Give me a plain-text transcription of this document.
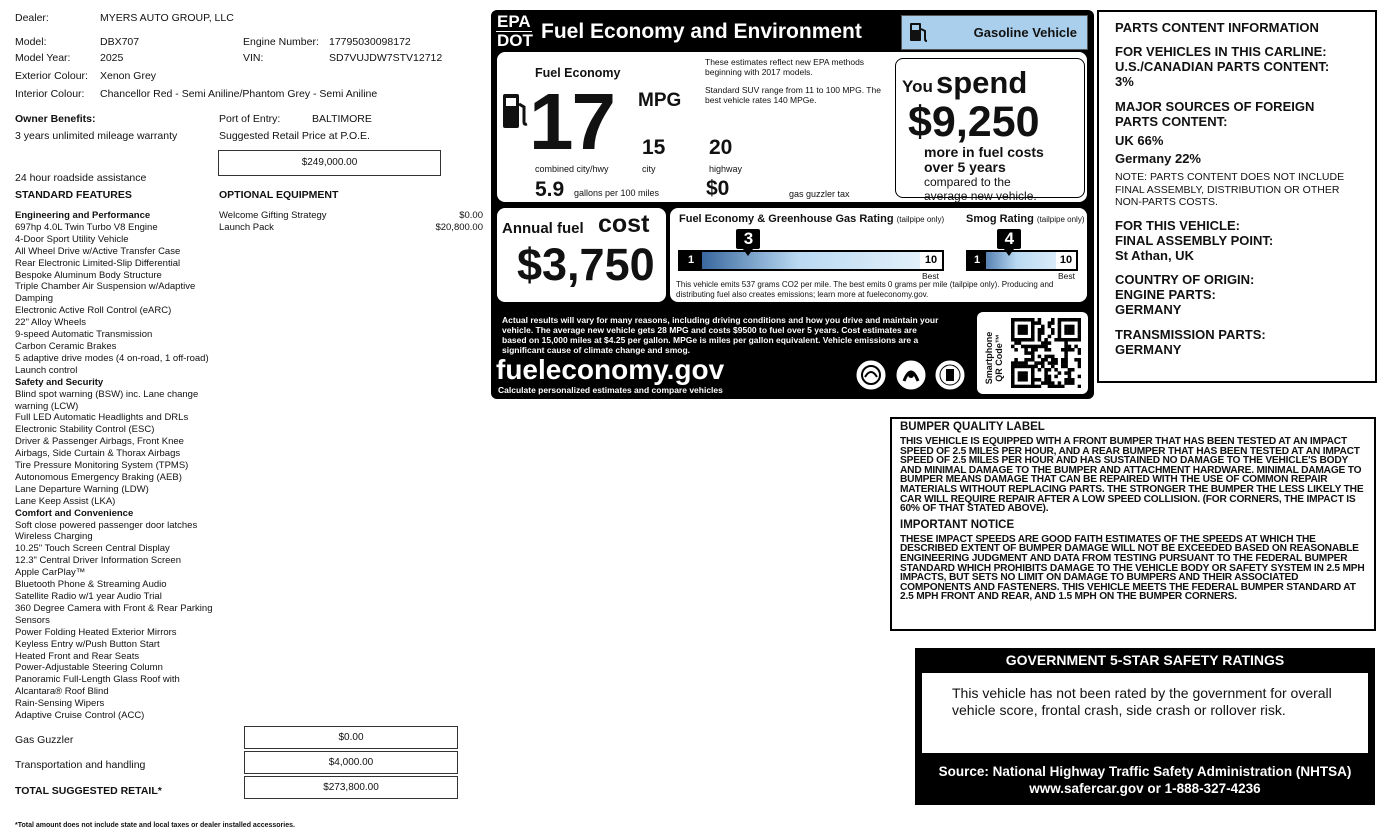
Dealer:	MYERS AUTO GROUP, LLC
Model:	DBX707	Engine Number: 17795030098172
Model Year:	2025	VIN:	SD7VUJDW7STV12712
Exterior Colour: Xenon Grey
Interior Colour: Chancellor Red - Semi Aniline/Phantom Grey - Semi Aniline
Owner Benefits:
3 years unlimited mileage warranty
24 hour roadside assistance
Port of Entry:	BALTIMORE
Suggested Retail Price at P.O.E.
$249,000.00
STANDARD FEATURES
Engineering and Performance
697hp 4.0L Twin Turbo V8 Engine
4-Door Sport Utility Vehicle
All Wheel Drive w/Active Transfer Case
Rear Electronic Limited-Slip Differential
Bespoke Aluminum Body Structure
Triple Chamber Air Suspension w/Adaptive
Damping
Electronic Active Roll Control (eARC)
22" Alloy Wheels
9-speed Automatic Transmission
Carbon Ceramic Brakes
5 adaptive drive modes (4 on-road, 1 off-road)
Launch control
Safety and Security
Blind spot warning (BSW) inc. Lane change
warning (LCW)
Full LED Automatic Headlights and DRLs
Electronic Stability Control (ESC)
Driver & Passenger Airbags, Front Knee
Airbags, Side Curtain & Thorax Airbags
Tire Pressure Monitoring System (TPMS)
Autonomous Emergency Braking (AEB)
Lane Departure Warning (LDW)
Lane Keep Assist (LKA)
Comfort and Convenience
Soft close powered passenger door latches
Wireless Charging
10.25" Touch Screen Central Display
12.3" Central Driver Information Screen
Apple CarPlay™
Bluetooth Phone & Streaming Audio
Satellite Radio w/1 year Audio Trial
360 Degree Camera with Front & Rear Parking
Sensors
Power Folding Heated Exterior Mirrors
Keyless Entry w/Push Button Start
Heated Front and Rear Seats
Power-Adjustable Steering Column
Panoramic Full-Length Glass Roof with
Alcantara® Roof Blind
Rain-Sensing Wipers
Adaptive Cruise Control (ACC)
OPTIONAL EQUIPMENT
Welcome Gifting Strategy	$0.00
Launch Pack	$20,800.00
Gas Guzzler	$0.00
Transportation and handling	$4,000.00
TOTAL SUGGESTED RETAIL*	$273,800.00
*Total amount does not include state and local taxes or dealer installed accessories.
EPA
DOT Fuel Economy and Environment	Gasoline Vehicle
Fuel Economy
17 MPG
combined city/hwy
15
city
20
highway
5.9 gallons per 100 miles $0	gas guzzler tax
These estimates reflect new EPA methods beginning with 2017 models.
Standard SUV range from 11 to 100 MPG. The best vehicle rates 140 MPGe.
You spend
$9,250
more in fuel costs
over 5 years
compared to the
average new vehicle.
Annual fuel cost
$3,750
Fuel Economy & Greenhouse Gas Rating (tailpipe only)
1	10
3
Best
Smog Rating (tailpipe only)
1	10
4
Best
This vehicle emits 537 grams CO2 per mile. The best emits 0 grams per mile (tailpipe only). Producing and distributing fuel also creates emissions; learn more at fueleconomy.gov.
Actual results will vary for many reasons, including driving conditions and how you drive and maintain your vehicle. The average new vehicle gets 28 MPG and costs $9500 to fuel over 5 years. Cost estimates are based on 15,000 miles at $4.25 per gallon. MPGe is miles per gallon equivalent. Vehicle emissions are a significant cause of climate change and smog.
fueleconomy.gov
Calculate personalized estimates and compare vehicles
Smartphone
QR Code™
PARTS CONTENT INFORMATION
FOR VEHICLES IN THIS CARLINE:
U.S./CANADIAN PARTS CONTENT:
3%
MAJOR SOURCES OF FOREIGN
PARTS CONTENT:
UK 66%
Germany 22%
NOTE: PARTS CONTENT DOES NOT INCLUDE FINAL ASSEMBLY, DISTRIBUTION OR OTHER NON-PARTS COSTS.
FOR THIS VEHICLE:
FINAL ASSEMBLY POINT:
St Athan, UK
COUNTRY OF ORIGIN:
ENGINE PARTS:
GERMANY
TRANSMISSION PARTS:
GERMANY
BUMPER QUALITY LABEL
THIS VEHICLE IS EQUIPPED WITH A FRONT BUMPER THAT HAS BEEN TESTED AT AN IMPACT SPEED OF 2.5 MILES PER HOUR, AND A REAR BUMPER THAT HAS BEEN TESTED AT AN IMPACT SPEED OF 2.5 MILES PER HOUR AND HAS SUSTAINED NO DAMAGE TO THE VEHICLE'S BODY AND MINIMAL DAMAGE TO THE BUMPER AND ATTACHMENT HARDWARE. MINIMAL DAMAGE TO BUMPER MEANS DAMAGE THAT CAN BE REPAIRED WITH THE USE OF COMMON REPAIR MATERIALS WITHOUT REPLACING PARTS. THE STRONGER THE BUMPER THE LESS LIKELY THE CAR WILL REQUIRE REPAIR AFTER A LOW SPEED COLLISION. (FOR CORNERS, THE IMPACT IS 60% OF THAT STATED ABOVE).
IMPORTANT NOTICE
THESE IMPACT SPEEDS ARE GOOD FAITH ESTIMATES OF THE SPEEDS AT WHICH THE DESCRIBED EXTENT OF BUMPER DAMAGE WILL NOT BE EXCEEDED BASED ON REASONABLE ENGINEERING JUDGMENT AND DATA FROM TESTING PURSUANT TO THE FEDERAL BUMPER STANDARD WHICH PROHIBITS DAMAGE TO THE VEHICLE BODY OR SAFETY SYSTEM IN 2.5 MPH IMPACTS, BUT SETS NO LIMIT ON DAMAGE TO BUMPERS AND THEIR ASSOCIATED COMPONENTS AND FASTENERS. THIS VEHICLE MEETS THE FEDERAL BUMPER STANDARD AT 2.5 MPH FRONT AND REAR, AND 1.5 MPH ON THE BUMPER CORNERS.
GOVERNMENT 5-STAR SAFETY RATINGS
This vehicle has not been rated by the government for overall vehicle score, frontal crash, side crash or rollover risk.
Source: National Highway Traffic Safety Administration (NHTSA)
www.safercar.gov or 1-888-327-4236
